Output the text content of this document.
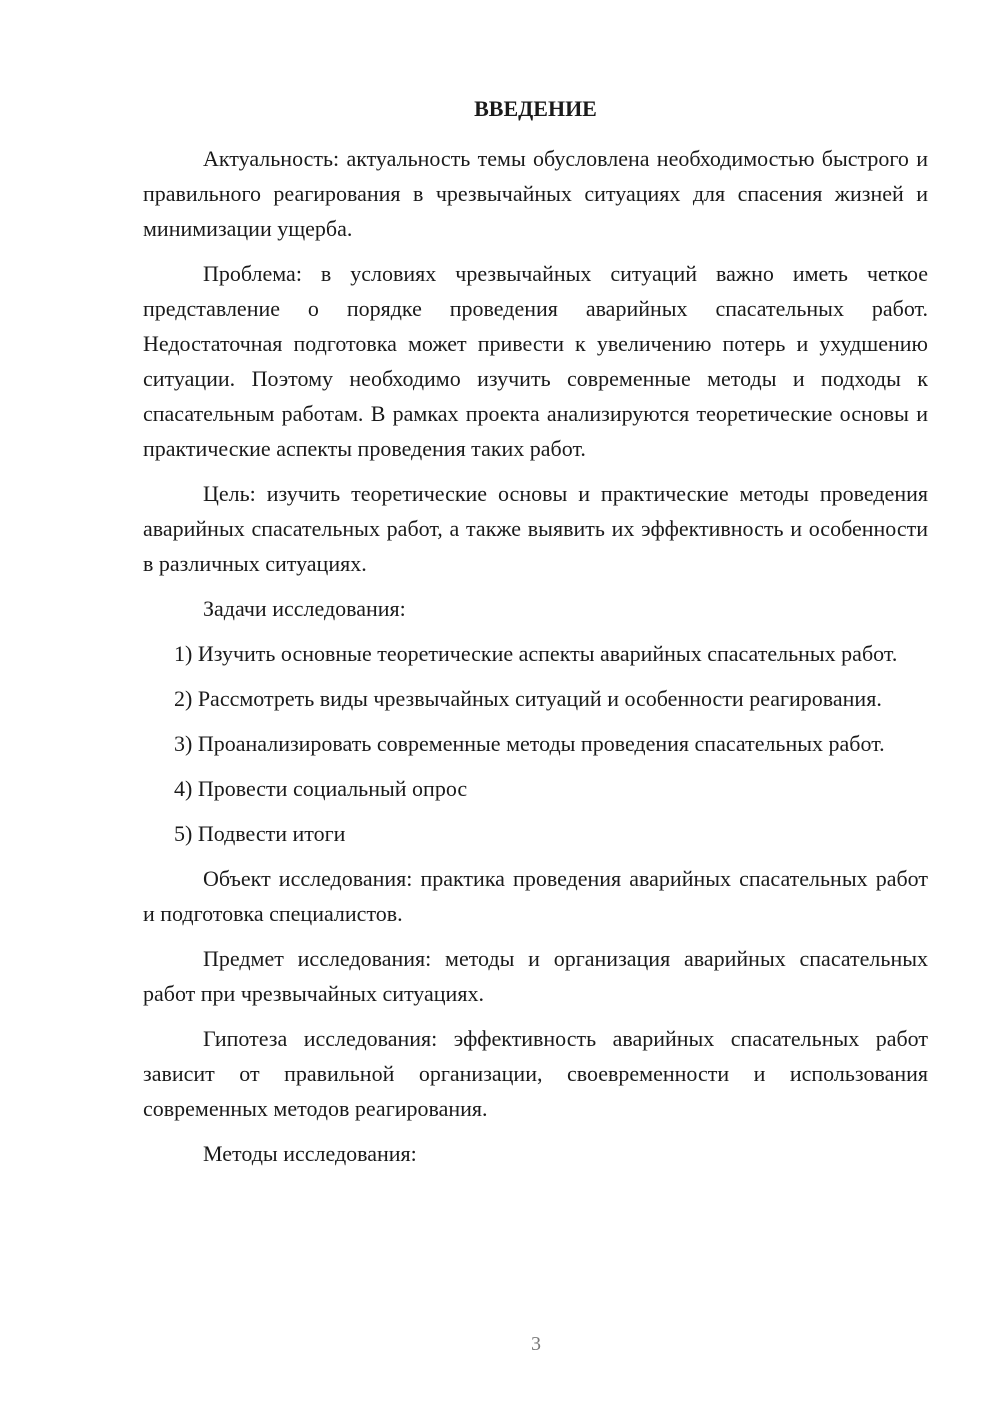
ВВЕДЕНИЕ

Актуальность: актуальность темы обусловлена необходимостью быстрого и правильного реагирования в чрезвычайных ситуациях для спасения жизней и минимизации ущерба.

Проблема: в условиях чрезвычайных ситуаций важно иметь четкое представление о порядке проведения аварийных спасательных работ. Недостаточная подготовка может привести к увеличению потерь и ухудшению ситуации. Поэтому необходимо изучить современные методы и подходы к спасательным работам. В рамках проекта анализируются теоретические основы и практические аспекты проведения таких работ.

Цель: изучить теоретические основы и практические методы проведения аварийных спасательных работ, а также выявить их эффективность и особенности в различных ситуациях.

Задачи исследования:

1) Изучить основные теоретические аспекты аварийных спасательных работ.

2) Рассмотреть виды чрезвычайных ситуаций и особенности реагирования.

3) Проанализировать современные методы проведения спасательных работ.

4) Провести социальный опрос

5) Подвести итоги

Объект исследования: практика проведения аварийных спасательных работ и подготовка специалистов.

Предмет исследования: методы и организация аварийных спасательных работ при чрезвычайных ситуациях.

Гипотеза исследования: эффективность аварийных спасательных работ зависит от правильной организации, своевременности и использования современных методов реагирования.

Методы исследования:

3
